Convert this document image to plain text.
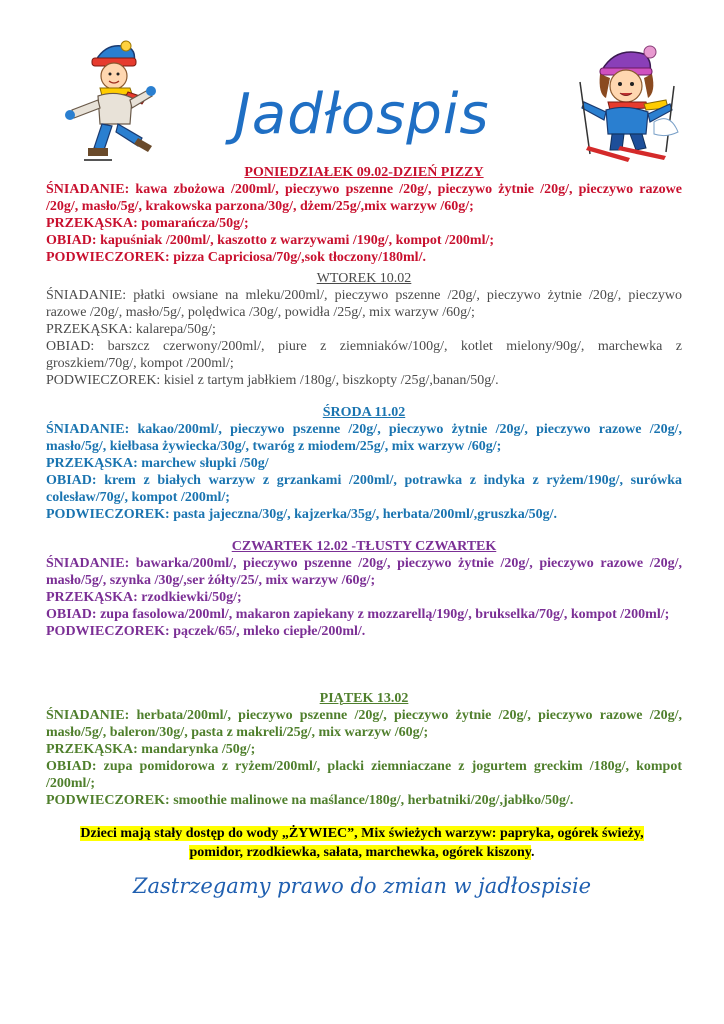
Jadłospis
PONIEDZIAŁEK 09.02-DZIEŃ PIZZY

ŚNIADANIE: kawa zbożowa /200ml/, pieczywo pszenne /20g/, pieczywo żytnie /20g/, pieczywo razowe /20g/, masło/5g/, krakowska parzona/30g/, dżem/25g/,mix warzyw /60g/;

PRZEKĄSKA: pomarańcza/50g/;

OBIAD: kapuśniak /200ml/, kaszotto z warzywami /190g/, kompot /200ml/;

PODWIECZOREK: pizza Capriciosa/70g/,sok tłoczony/180ml/.

WTOREK 10.02

ŚNIADANIE: płatki owsiane na mleku/200ml/, pieczywo pszenne /20g/, pieczywo żytnie /20g/, pieczywo razowe /20g/, masło/5g/, polędwica /30g/, powidła /25g/, mix warzyw /60g/;

PRZEKĄSKA: kalarepa/50g/;

OBIAD: barszcz czerwony/200ml/, piure z ziemniaków/100g/, kotlet mielony/90g/, marchewka z groszkiem/70g/, kompot /200ml/;

PODWIECZOREK: kisiel z tartym jabłkiem /180g/, biszkopty /25g/,banan/50g/.

ŚRODA 11.02

ŚNIADANIE: kakao/200ml/, pieczywo pszenne /20g/, pieczywo żytnie /20g/, pieczywo razowe /20g/, masło/5g/, kiełbasa żywiecka/30g/, twaróg z miodem/25g/, mix warzyw /60g/;

PRZEKĄSKA: marchew słupki /50g/

OBIAD: krem z białych warzyw z grzankami /200ml/, potrawka z indyka z ryżem/190g/, surówka colesław/70g/, kompot /200ml/;

PODWIECZOREK: pasta jajeczna/30g/, kajzerka/35g/, herbata/200ml/,gruszka/50g/.

CZWARTEK 12.02 -TŁUSTY CZWARTEK

ŚNIADANIE: bawarka/200ml/, pieczywo pszenne /20g/, pieczywo żytnie /20g/, pieczywo razowe /20g/, masło/5g/, szynka /30g/,ser żółty/25/, mix warzyw /60g/;

PRZEKĄSKA: rzodkiewki/50g/;

OBIAD: zupa fasolowa/200ml/, makaron zapiekany z mozzarellą/190g/, brukselka/70g/, kompot /200ml/;

PODWIECZOREK: pączek/65/, mleko ciepłe/200ml/.

PIĄTEK 13.02

ŚNIADANIE: herbata/200ml/, pieczywo pszenne /20g/, pieczywo żytnie /20g/, pieczywo razowe /20g/, masło/5g/, baleron/30g/, pasta z makreli/25g/, mix warzyw /60g/;

PRZEKĄSKA: mandarynka /50g/;

OBIAD: zupa pomidorowa z ryżem/200ml/, placki ziemniaczane z jogurtem greckim /180g/, kompot /200ml/;

PODWIECZOREK: smoothie malinowe na maślance/180g/, herbatniki/20g/,jabłko/50g/.

Dzieci mają stały dostęp do wody „ŻYWIEC”, Mix świeżych warzyw: papryka, ogórek świeży,
pomidor, rzodkiewka, sałata, marchewka, ogórek kiszony.
Zastrzegamy prawo do zmian w jadłospisie
